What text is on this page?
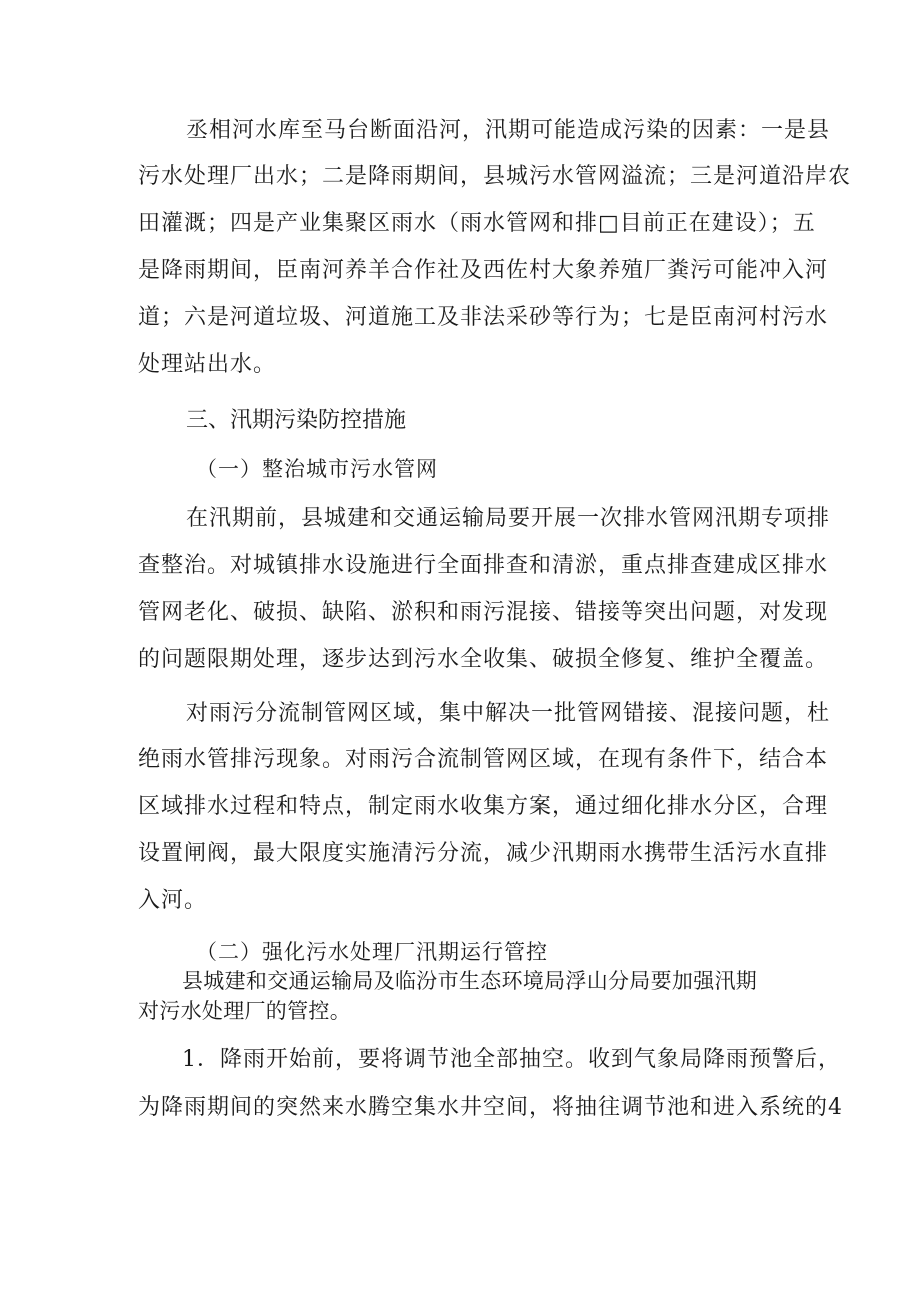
丞相河水库至马台断面沿河，汛期可能造成污染的因素：一是县
污水处理厂出水；二是降雨期间，县城污水管网溢流；三是河道沿岸农
田灌溉；四是产业集聚区雨水（雨水管网和排□目前正在建设）；五
是降雨期间，臣南河养羊合作社及西佐村大象养殖厂粪污可能冲入河
道；六是河道垃圾、河道施工及非法采砂等行为；七是臣南河村污水
处理站出水。
三、汛期污染防控措施
（一）整治城市污水管网
在汛期前，县城建和交通运输局要开展一次排水管网汛期专项排
查整治。对城镇排水设施进行全面排查和清淤，重点排查建成区排水
管网老化、破损、缺陷、淤积和雨污混接、错接等突出问题，对发现
的问题限期处理，逐步达到污水全收集、破损全修复、维护全覆盖。
对雨污分流制管网区域，集中解决一批管网错接、混接问题，杜
绝雨水管排污现象。对雨污合流制管网区域，在现有条件下，结合本
区域排水过程和特点，制定雨水收集方案，通过细化排水分区，合理
设置闸阀，最大限度实施清污分流，减少汛期雨水携带生活污水直排
入河。
（二）强化污水处理厂汛期运行管控
县城建和交通运输局及临汾市生态环境局浮山分局要加强汛期
对污水处理厂的管控。
1．降雨开始前，要将调节池全部抽空。收到气象局降雨预警后，
为降雨期间的突然来水腾空集水井空间，将抽往调节池和进入系统的4
